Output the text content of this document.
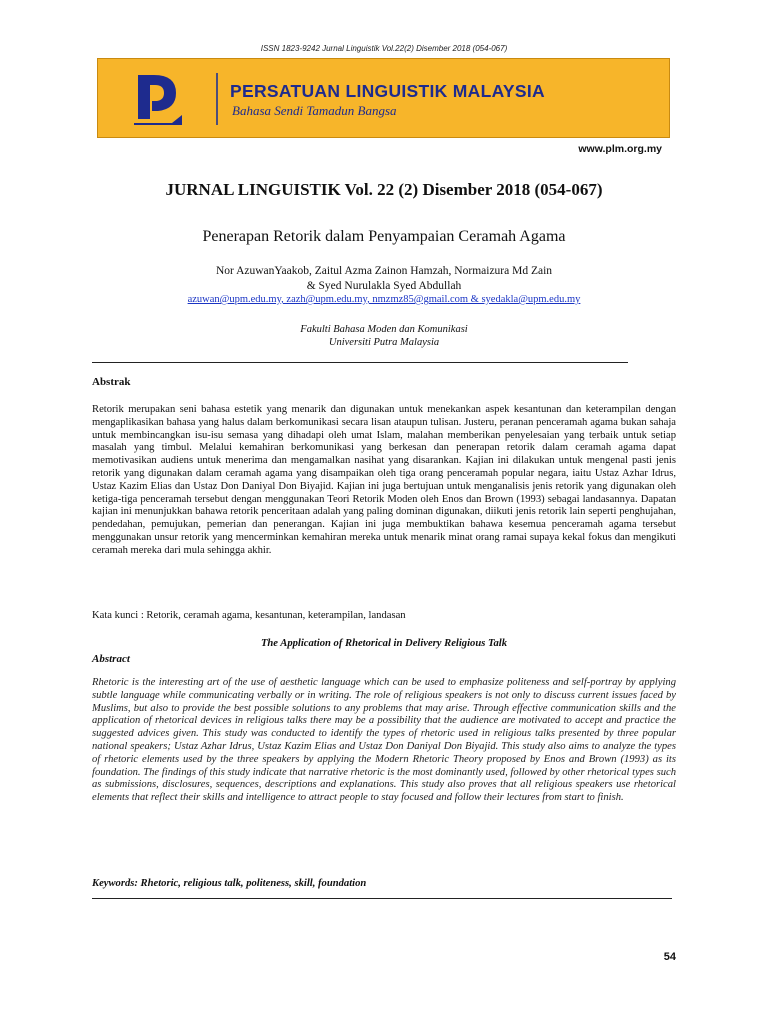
ISSN 1823-9242 Jurnal Linguistik Vol.22(2) Disember 2018 (054-067)
PERSATUAN LINGUISTIK MALAYSIA
Bahasa Sendi Tamadun Bangsa
www.plm.org.my
JURNAL LINGUISTIK Vol. 22 (2) Disember 2018 (054-067)
Penerapan Retorik dalam Penyampaian Ceramah Agama
Nor AzuwanYaakob, Zaitul Azma Zainon Hamzah, Normaizura Md Zain
& Syed Nurulakla Syed Abdullah
azuwan@upm.edu.my, zazh@upm.edu.my, nmzmz85@gmail.com & syedakla@upm.edu.my
Fakulti Bahasa Moden dan Komunikasi
Universiti Putra Malaysia
Abstrak
Retorik merupakan seni bahasa estetik yang menarik dan digunakan untuk menekankan aspek kesantunan dan keterampilan dengan mengaplikasikan bahasa yang halus dalam berkomunikasi secara lisan ataupun tulisan. Justeru, peranan penceramah agama bukan sahaja untuk membincangkan isu-isu semasa yang dihadapi oleh umat Islam, malahan memberikan penyelesaian yang terbaik untuk setiap masalah yang timbul. Melalui kemahiran berkomunikasi yang berkesan dan penerapan retorik dalam ceramah agama dapat memotivasikan audiens untuk menerima dan mengamalkan nasihat yang disarankan. Kajian ini dilakukan untuk mengenal pasti jenis retorik yang digunakan dalam ceramah agama yang disampaikan oleh tiga orang penceramah popular negara, iaitu Ustaz Azhar Idrus, Ustaz Kazim Elias dan Ustaz Don Daniyal Don Biyajid. Kajian ini juga bertujuan untuk menganalisis jenis retorik yang digunakan oleh ketiga-tiga penceramah tersebut dengan menggunakan Teori Retorik Moden oleh Enos dan Brown (1993) sebagai landasannya. Dapatan kajian ini menunjukkan bahawa retorik penceritaan adalah yang paling dominan digunakan, diikuti jenis retorik lain seperti penghujahan, pendedahan, pemujukan, pemerian dan penerangan. Kajian ini juga membuktikan bahawa kesemua penceramah agama tersebut menggunakan unsur retorik yang mencerminkan kemahiran mereka untuk menarik minat orang ramai supaya kekal fokus dan mengikuti ceramah mereka dari mula sehingga akhir.
Kata kunci : Retorik, ceramah agama, kesantunan, keterampilan, landasan
The Application of Rhetorical in Delivery Religious Talk
Abstract
Rhetoric is the interesting art of the use of aesthetic language which can be used to emphasize politeness and self-portray by applying subtle language while communicating verbally or in writing. The role of religious speakers is not only to discuss current issues faced by Muslims, but also to provide the best possible solutions to any problems that may arise. Through effective communication skills and the application of rhetorical devices in religious talks there may be a possibility that the audience are motivated to accept and practice the suggested advices given. This study was conducted to identify the types of rhetoric used in religious talks presented by three popular national speakers; Ustaz Azhar Idrus, Ustaz Kazim Elias and Ustaz Don Daniyal Don Biyajid. This study also aims to analyze the types of rhetoric elements used by the three speakers by applying the Modern Rhetoric Theory proposed by Enos and Brown (1993) as its foundation. The findings of this study indicate that narrative rhetoric is the most dominantly used, followed by other rhetorical types such as submissions, disclosures, sequences, descriptions and explanations. This study also proves that all religious speakers use rhetorical elements that reflect their skills and intelligence to attract people to stay focused and follow their lectures from start to finish.
Keywords: Rhetoric, religious talk, politeness, skill, foundation
54
